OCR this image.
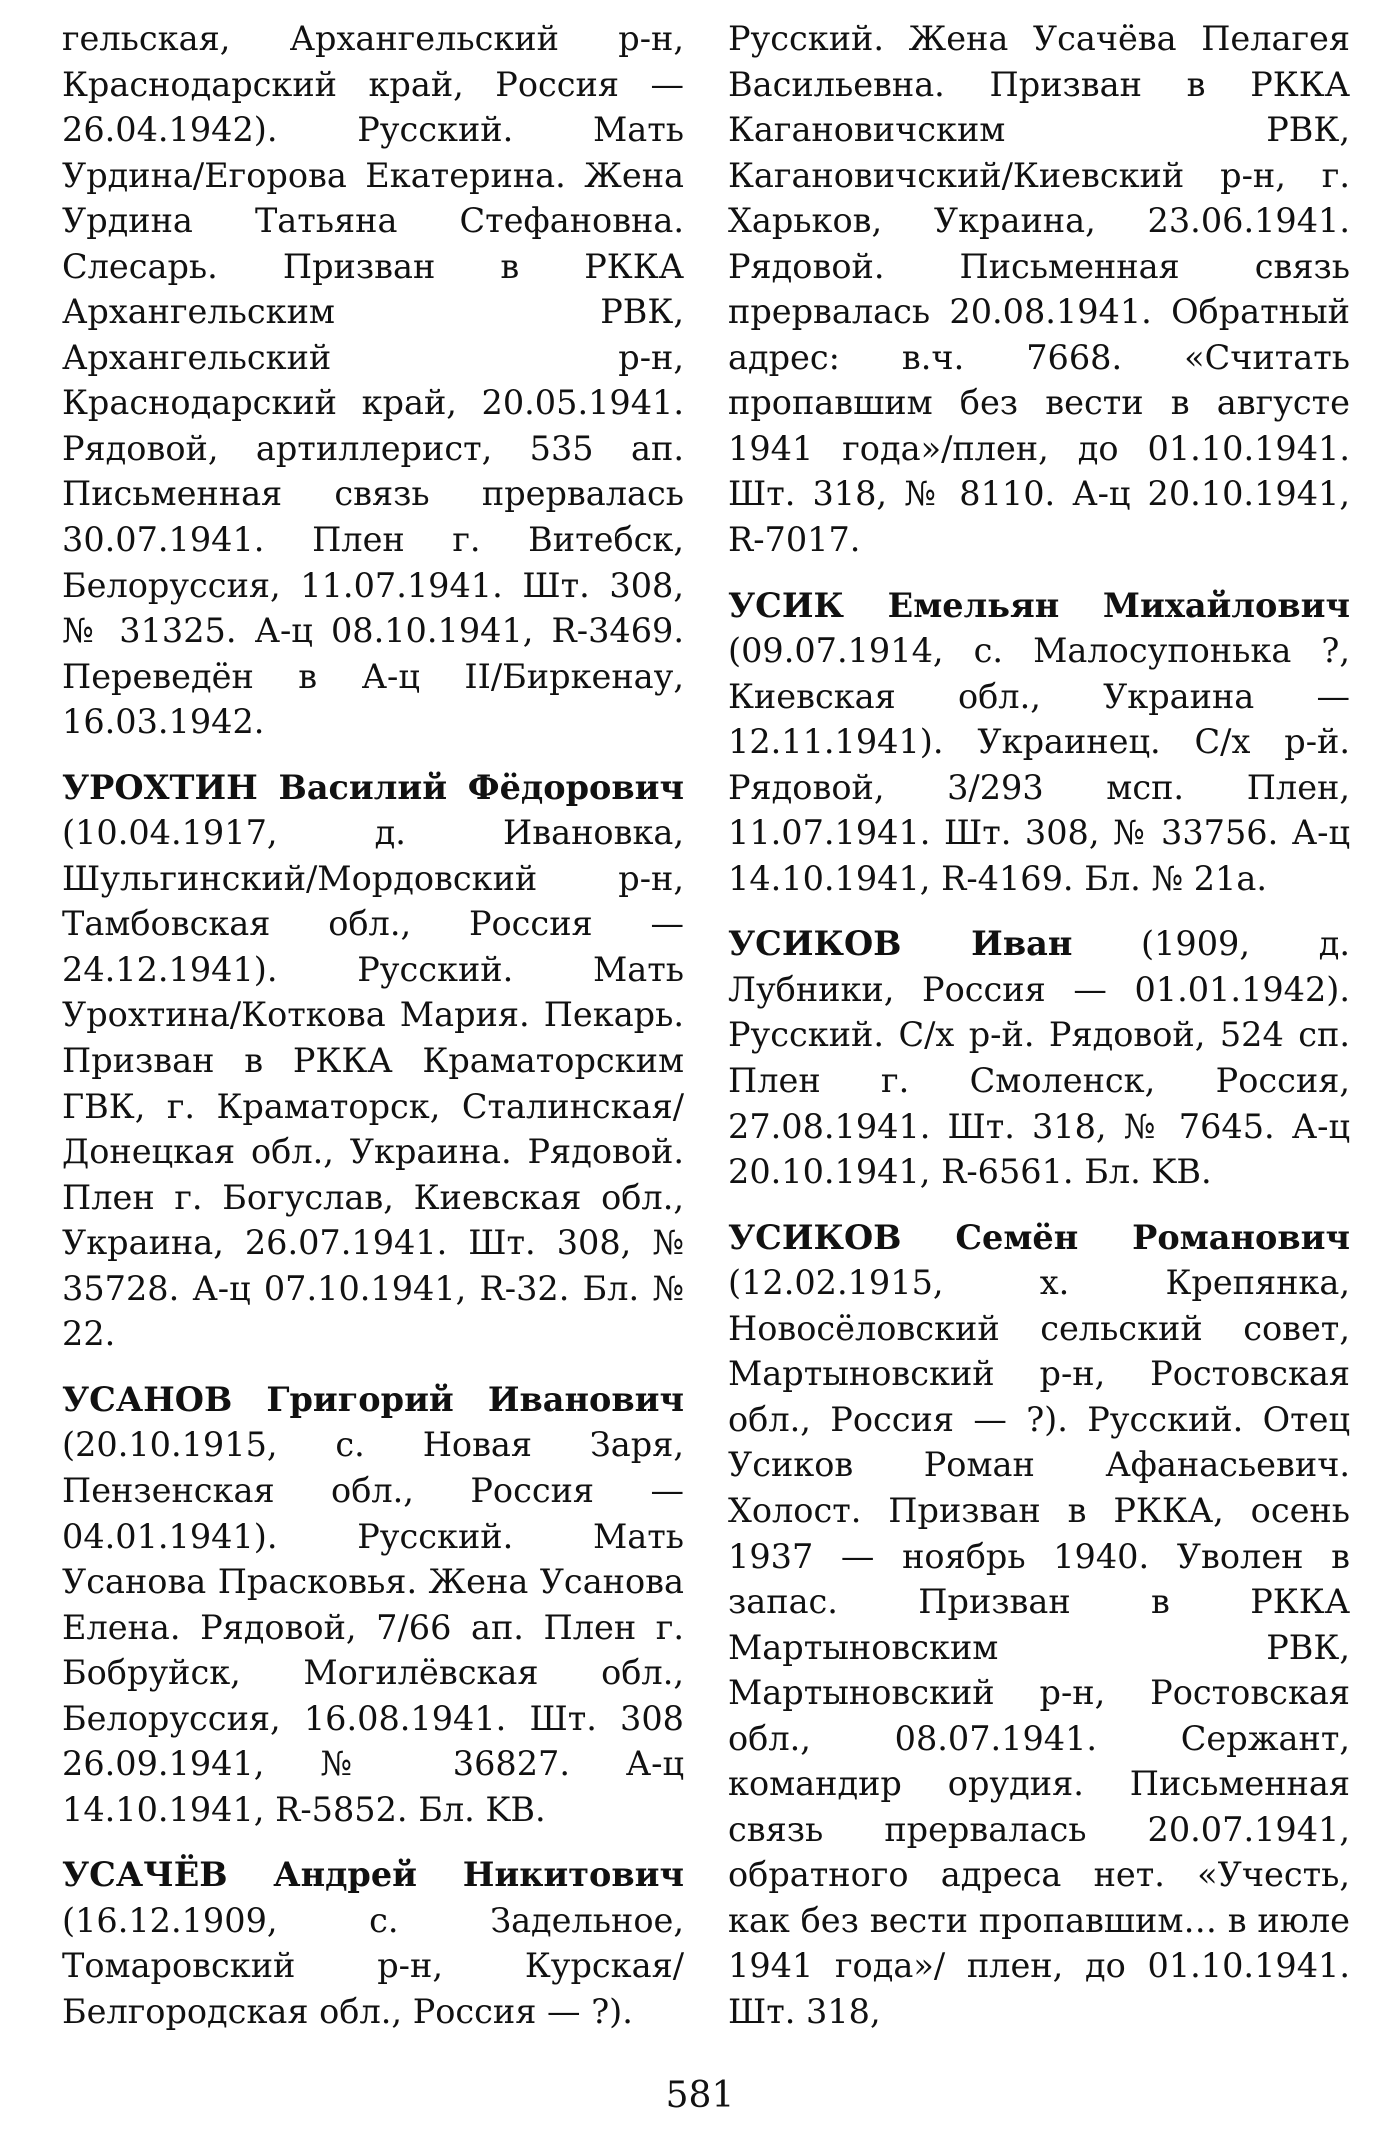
гельская, Архангельский р-н, Краснодарский край, Россия — 26.04.1942). Русский. Мать Урдина/Егорова Екатерина. Жена Урдина Татьяна Стефановна. Слесарь. Призван в РККА Архангельским РВК, Архангельский р-н, Краснодарский край, 20.05.1941. Рядовой, артиллерист, 535 ап. Письменная связь прервалась 30.07.1941. Плен г. Витебск, Белоруссия, 11.07.1941. Шт. 308, № 31325. А-ц 08.10.1941, R-3469. Переведён в А-ц II/Биркенау, 16.03.1942.

УРОХТИН Василий Фёдорович (10.04.1917, д. Ивановка, Шульгинский/Мордовский р-н, Тамбовская обл., Россия — 24.12.1941). Русский. Мать Урохтина/Коткова Мария. Пекарь. Призван в РККА Краматорским ГВК, г. Краматорск, Сталинская/Донецкая обл., Украина. Рядовой. Плен г. Богуслав, Киевская обл., Украина, 26.07.1941. Шт. 308, № 35728. А-ц 07.10.1941, R-32. Бл. № 22.

УСАНОВ Григорий Иванович (20.10.1915, с. Новая Заря, Пензенская обл., Россия — 04.01.1941). Русский. Мать Усанова Прасковья. Жена Усанова Елена. Рядовой, 7/66 ап. Плен г. Бобруйск, Могилёвская обл., Белоруссия, 16.08.1941. Шт. 308 26.09.1941, № 36827. А-ц 14.10.1941, R-5852. Бл. KB.

УСАЧЁВ Андрей Никитович (16.12.1909, с. Задельное, Томаровский р-н, Курская/ Белгородская обл., Россия — ?).

Русский. Жена Усачёва Пелагея Васильевна. Призван в РККА Кагановичским РВК, Кагановичский/Киевский р-н, г. Харьков, Украина, 23.06.1941. Рядовой. Письменная связь прервалась 20.08.1941. Обратный адрес: в.ч. 7668. «Считать пропавшим без вести в августе 1941 года»/плен, до 01.10.1941. Шт. 318, № 8110. А-ц 20.10.1941, R-7017.

УСИК Емельян Михайлович (09.07.1914, с. Малосупонька ?, Киевская обл., Украина — 12.11.1941). Украинец. С/х р-й. Рядовой, 3/293 мсп. Плен, 11.07.1941. Шт. 308, № 33756. А-ц 14.10.1941, R-4169. Бл. № 21а.

УСИКОВ Иван (1909, д. Лубники, Россия — 01.01.1942). Русский. С/х р-й. Рядовой, 524 сп. Плен г. Смоленск, Россия, 27.08.1941. Шт. 318, № 7645. А-ц 20.10.1941, R-6561. Бл. KB.

УСИКОВ Семён Романович (12.02.1915, х. Крепянка, Новосёловский сельский совет, Мартыновский р-н, Ростовская обл., Россия — ?). Русский. Отец Усиков Роман Афанасьевич. Холост. Призван в РККА, осень 1937 — ноябрь 1940. Уволен в запас. Призван в РККА Мартыновским РВК, Мартыновский р-н, Ростовская обл., 08.07.1941. Сержант, командир орудия. Письменная связь прервалась 20.07.1941, обратного адреса нет. «Учесть, как без вести пропавшим… в июле 1941 года»/ плен, до 01.10.1941. Шт. 318,

581
